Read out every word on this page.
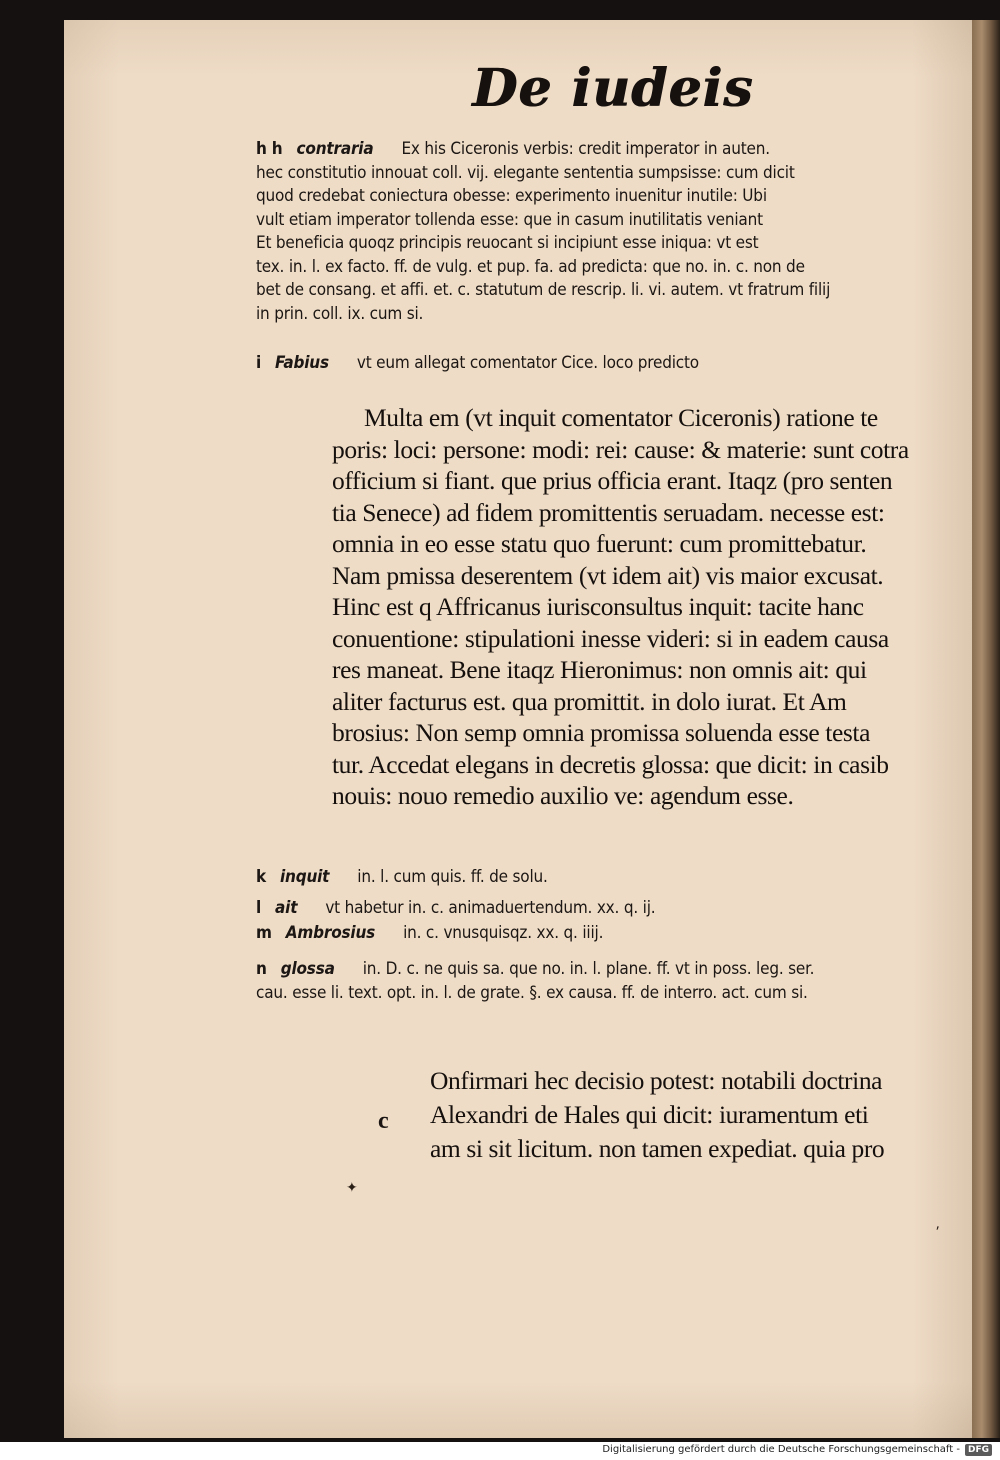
De iudeis
h h contraria Ex his Ciceronis verbis: credit imperator in auten.
hec constitutio innouat coll. vij. elegante sententia sumpsisse: cum dicit
quod credebat coniectura obesse: experimento inuenitur inutile: Ubi
vult etiam imperator tollenda esse: que in casum inutilitatis veniant
Et beneficia quoqz principis reuocant si incipiunt esse iniqua: vt est
tex. in. l. ex facto. ff. de vulg. et pup. fa. ad predicta: que no. in. c. non de
bet de consang. et affi. et. c. statutum de rescrip. li. vi. autem. vt fratrum filij
in prin. coll. ix. cum si.
i Fabius vt eum allegat comentator Cice. loco predicto
Multa em (vt inquit comentator Ciceronis) ratione te
poris: loci: persone: modi: rei: cause: & materie: sunt cotra
officium si fiant. que prius officia erant. Itaqz (pro senten
tia Senece) ad fidem promittentis seruadam. necesse est:
omnia in eo esse statu quo fuerunt: cum promittebatur.
Nam pmissa deserentem (vt idem ait) vis maior excusat.
Hinc est q Affricanus iurisconsultus inquit: tacite hanc
conuentione: stipulationi inesse videri: si in eadem causa
res maneat. Bene itaqz Hieronimus: non omnis ait: qui
aliter facturus est. qua promittit. in dolo iurat. Et Am
brosius: Non semp omnia promissa soluenda esse testa
tur. Accedat elegans in decretis glossa: que dicit: in casib
nouis: nouo remedio auxilio ve: agendum esse.
k inquit in. l. cum quis. ff. de solu.
l ait vt habetur in. c. animaduertendum. xx. q. ij.
m Ambrosius in. c. vnusquisqz. xx. q. iiij.
n glossa in. D. c. ne quis sa. que no. in. l. plane. ff. vt in poss. leg. ser.
cau. esse li. text. opt. in. l. de grate. §. ex causa. ff. de interro. act. cum si.
c
Onfirmari hec decisio potest: notabili doctrina
Alexandri de Hales qui dicit: iuramentum eti
am si sit licitum. non tamen expediat. quia pro
✦
⸴
Digitalisierung gefördert durch die Deutsche Forschungsgemeinschaft - DFG
